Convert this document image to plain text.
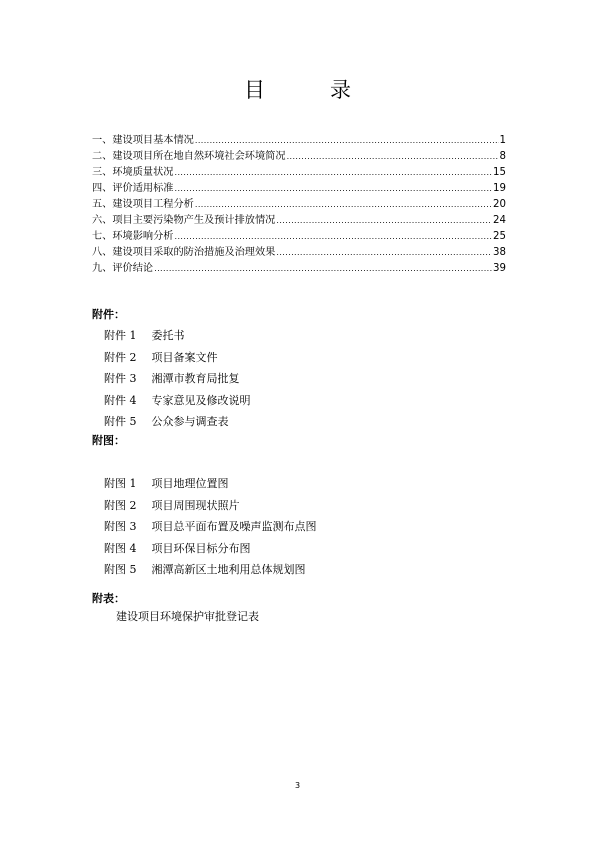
目　录
一、建设项目基本情况 .....	1
二、建设项目所在地自然环境社会环境简况 .....	8
三、环境质量状况 .....	15
四、评价适用标准 .....	19
五、建设项目工程分析 .....	20
六、项目主要污染物产生及预计排放情况 .....	24
七、环境影响分析 .....	25
八、建设项目采取的防治措施及治理效果 .....	38
九、评价结论 .....	39
附件：
附件 1 委托书
附件 2 项目备案文件
附件 3 湘潭市教育局批复
附件 4 专家意见及修改说明
附件 5 公众参与调查表
附图：
附图 1 项目地理位置图
附图 2 项目周围现状照片
附图 3 项目总平面布置及噪声监测布点图
附图 4 项目环保目标分布图
附图 5 湘潭高新区土地利用总体规划图
附表：
建设项目环境保护审批登记表
3
